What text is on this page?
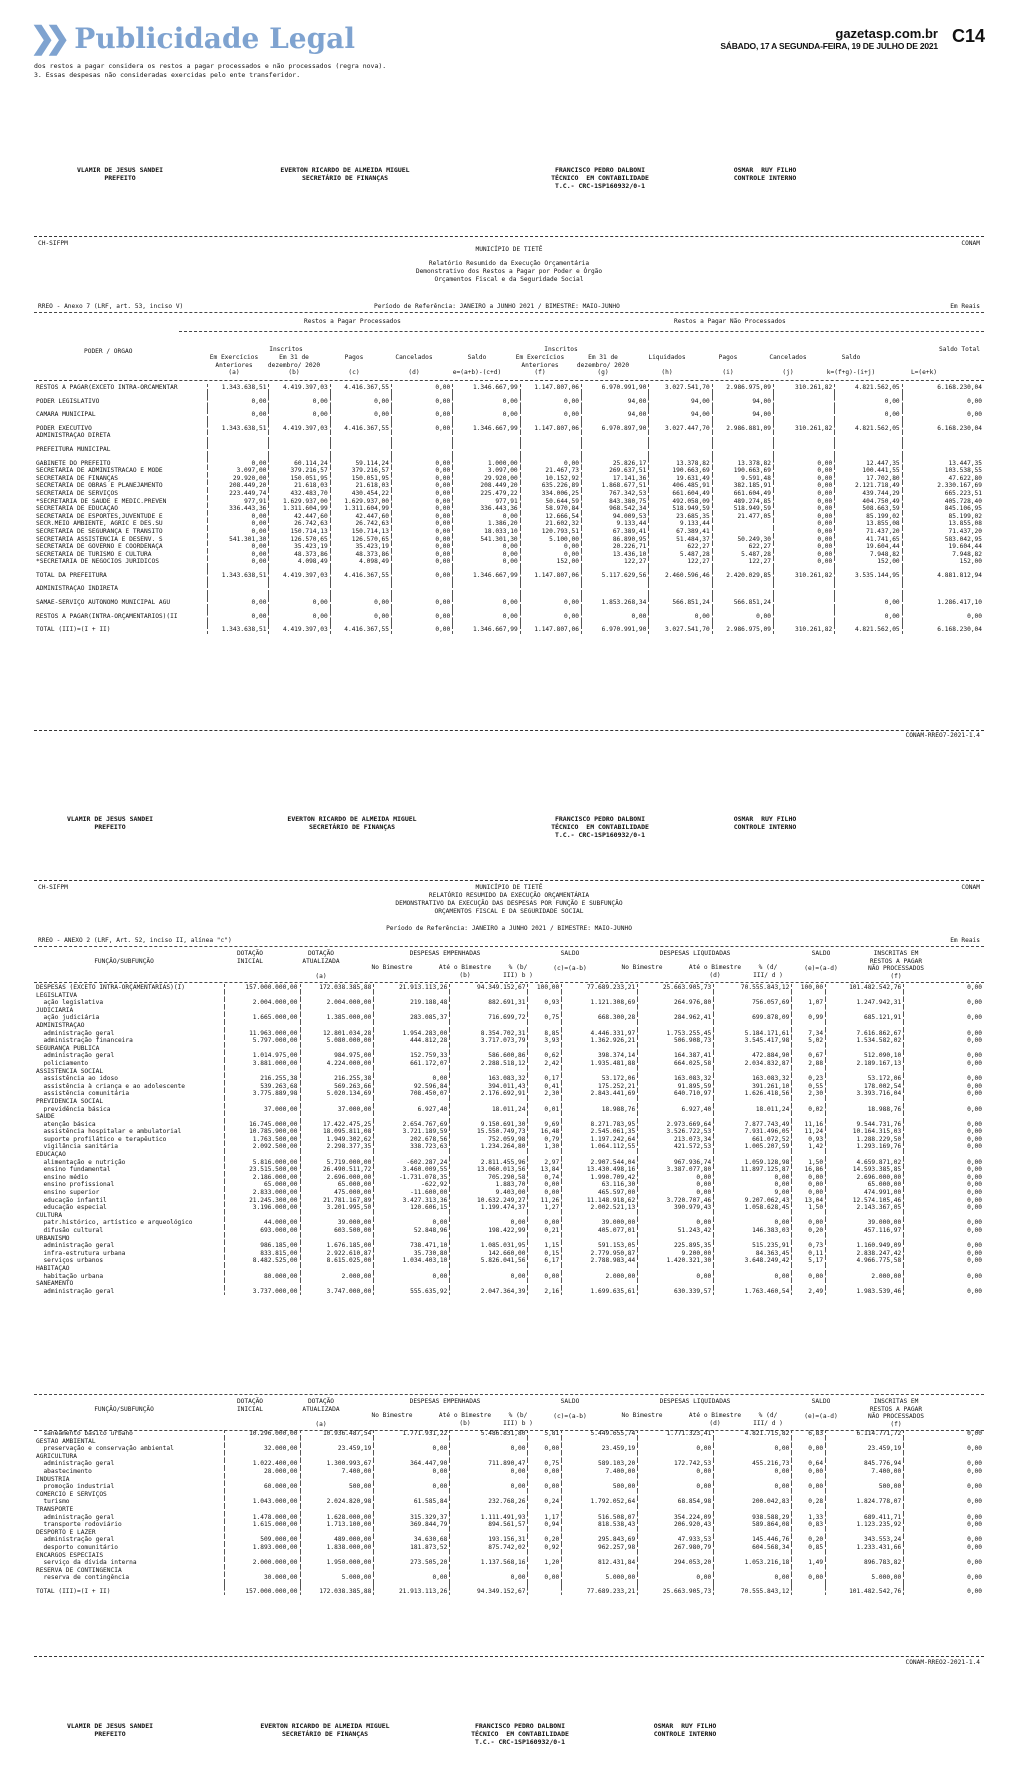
❯❯ Publicidade Legal	gazetasp.com.br
SÁBADO, 17 A SEGUNDA-FEIRA, 19 DE JULHO DE 2021 C14
dos restos a pagar considera os restos a pagar processados e não processados (regra nova).
3. Essas despesas não consideradas exercidas pelo ente transferidor.
VLAMIR DE JESUS SANDEI
PREFEITO
EVERTON RICARDO DE ALMEIDA MIGUEL
SECRETÁRIO DE FINANÇAS
FRANCISCO PEDRO DALBONI
TÉCNICO  EM CONTABILIDADE
T.C.- CRC-1SP160932/0-1
OSMAR  RUY FILHO
CONTROLE INTERNO
CH-SIFPM	CONAM
MUNICÍPIO DE TIETÊ
Relatório Resumido da Execução Orçamentária
Demonstrativo dos Restos a Pagar por Poder e Órgão
Orçamentos Fiscal e da Seguridade Social
RREO - Anexo 7 (LRF, art. 53, inciso V)	Período de Referência: JANEIRO a JUNHO 2021 / BIMESTRE: MAIO-JUNHO	Em Reais
Restos a Pagar Processados	Restos a Pagar Não Processados
PODER / ORGAO	Inscritos	Inscritos	Saldo Total
Em Exercícios
Anteriores
(a)
Em 31 de
dezembro/ 2020
(b)
Pagos

(c)
Cancelados

(d)
Saldo

e=(a+b)-(c+d)
Em Exercícios
Anteriores
(f)
Em 31 de
dezembro/ 2020
(g)
Liquidados

(h)
Pagos

(i)
Cancelados

(j)
Saldo

k=(f+g)-(i+j)	

L=(e+k)
RESTOS A PAGAR(EXCETO INTRA-ORCAMENTAR	1.343.638,51	4.419.397,03	4.416.367,55	0,00	1.346.667,99	1.147.807,06	6.970.991,90	3.027.541,70	2.986.975,09	310.261,82	4.821.562,05	6.168.230,04

PODER LEGISLATIVO	0,00	0,00	0,00	0,00	0,00	0,00	94,00	94,00	94,00		0,00	0,00

CÂMARA MUNICIPAL	0,00	0,00	0,00	0,00	0,00	0,00	94,00	94,00	94,00		0,00	0,00

PODER EXECUTIVO	1.343.638,51	4.419.397,03	4.416.367,55	0,00	1.346.667,99	1.147.807,06	6.970.897,90	3.027.447,70	2.986.881,09	310.261,82	4.821.562,05	6.168.230,04
ADMINISTRAÇÃO DIRETA												

PREFEITURA MUNICIPAL												

GABINETE DO PREFEITO	0,00	60.114,24	59.114,24	0,00	1.000,00	0,00	25.826,17	13.378,82	13.378,82	0,00	12.447,35	13.447,35
SECRETARIA DE ADMINISTRACAO E MODE	3.097,00	379.216,57	379.216,57	0,00	3.097,00	21.467,73	269.637,51	190.663,69	190.663,69	0,00	100.441,55	103.538,55
SECRETARIA DE FINANÇAS	29.920,00	150.051,95	150.051,95	0,00	29.920,00	10.152,92	17.141,36	19.631,49	9.591,48	0,00	17.702,80	47.622,80
SECRETARIA DE OBRAS E PLANEJAMENTO	208.449,20	21.618,03	21.618,03	0,00	208.449,20	635.226,89	1.868.677,51	406.485,91	382.185,91	0,00	2.121.718,49	2.330.167,69
SECRETARIA DE SERVIÇOS	223.449,74	432.483,70	430.454,22	0,00	225.479,22	334.006,25	767.342,53	661.604,49	661.604,49	0,00	439.744,29	665.223,51
*SECRETARIA DE SAÚDE E MEDIC.PREVEN	977,91	1.629.937,00	1.629.937,00	0,00	977,91	50.644,59	843.380,75	492.058,09	489.274,85	0,00	404.750,49	405.728,40
SECRETARIA DE EDUCAÇÃO	336.443,36	1.311.604,99	1.311.604,99	0,00	336.443,36	58.970,84	968.542,34	518.949,59	518.949,59	0,00	508.663,59	845.106,95
SECRETARIA DE ESPORTES,JUVENTUDE E	0,00	42.447,60	42.447,60	0,00	0,00	12.666,54	94.009,53	23.685,35	21.477,05	0,00	85.199,02	85.199,02
SECR.MEIO AMBIENTE, AGRIC E DES.SU	0,00	26.742,63	26.742,63	0,00	1.386,20	21.602,32	9.133,44	9.133,44		0,00	13.855,08	13.855,08
SECRETARIA DE SEGURANÇA E TRÂNSITO	0,00	150.714,13	150.714,13	0,00	18.033,10	120.793,51	67.389,41	67.389,41		0,00	71.437,20	71.437,20
SECRETARIA ASSISTÊNCIA E DESENV. S	541.301,30	126.570,65	126.570,65	0,00	541.301,30	5.100,00	86.890,95	51.484,37	50.249,30	0,00	41.741,65	583.042,95
SECRETARIA DE GOVERNO E COORDENAÇÃ	0,00	35.423,19	35.423,19	0,00	0,00	0,00	20.226,71	622,27	622,27	0,00	19.604,44	19.604,44
SECRETARIA DE TURISMO E CULTURA	0,00	48.373,86	48.373,86	0,00	0,00	0,00	13.436,10	5.487,28	5.487,28	0,00	7.948,82	7.948,82
*SECRETARIA DE NEGÓCIOS JURÍDICOS	0,00	4.098,49	4.098,49	0,00	0,00	152,00	122,27	122,27	122,27	0,00	152,00	152,00

TOTAL DA PREFEITURA	1.343.638,51	4.419.397,03	4.416.367,55	0,00	1.346.667,99	1.147.807,06	5.117.629,56	2.460.596,46	2.420.029,85	310.261,82	3.535.144,95	4.881.812,94

ADMINISTRAÇÃO INDIRETA												

SAMAE-SERVIÇO AUTÔNOMO MUNICIPAL ÁGU	0,00	0,00	0,00	0,00	0,00	0,00	1.853.268,34	566.851,24	566.851,24		0,00	1.286.417,10

RESTOS A PAGAR(INTRA-ORÇAMENTÁRIOS)(II	0,00	0,00	0,00	0,00	0,00	0,00	0,00	0,00	0,00		0,00	0,00

TOTAL (III)=(I + II)	1.343.638,51	4.419.397,03	4.416.367,55	0,00	1.346.667,99	1.147.807,06	6.970.991,90	3.027.541,70	2.986.975,09	310.261,82	4.821.562,05	6.168.230,04
CONAM-RREO7-2021-1.4
VLAMIR DE JESUS SANDEI
PREFEITO
EVERTON RICARDO DE ALMEIDA MIGUEL
SECRETÁRIO DE FINANÇAS
FRANCISCO PEDRO DALBONI
TÉCNICO  EM CONTABILIDADE
T.C.- CRC-1SP160932/0-1
OSMAR  RUY FILHO
CONTROLE INTERNO
CH-SIFPM	CONAM
MUNICÍPIO DE TIETÊ
RELATÓRIO RESUMIDO DA EXECUÇÃO ORÇAMENTÁRIA
DEMONSTRATIVO DA EXECUÇÃO DAS DESPESAS POR FUNÇÃO E SUBFUNÇÃO
ORÇAMENTOS FISCAL E DA SEGURIDADE SOCIAL
Período de Referência: JANEIRO a JUNHO 2021 / BIMESTRE: MAIO-JUNHO
RREO - ANEXO 2 (LRF, Art. 52, inciso II, alínea "c")	Em Reais
FUNÇÃO/SUBFUNÇÃO
DOTAÇÃO
INICIAL
DOTAÇÃO
ATUALIZADA

(a)
DESPESAS EMPENHADAS
No Bimestre	Até o Bimestre
(b)
% (b/
III) b )
SALDO

(c)=(a-b)
DESPESAS LIQUIDADAS
No Bimestre	Até o Bimestre
(d)
% (d/
III/ d )
SALDO

(e)=(a-d)
INSCRITAS EM
RESTOS A PAGAR
NÃO PROCESSADOS
(f)
DESPESAS (EXCETO INTRA-ORÇAMENTÁRIAS)(I)	157.000.000,00	172.038.385,88	21.913.113,26	94.349.152,67	100,00	77.689.233,21	25.663.905,73	70.555.843,12	100,00	101.482.542,76	0,00
LEGISLATIVA											
ação legislativa	2.004.000,00	2.004.000,00	219.188,48	882.691,31	0,93	1.121.308,69	264.976,80	756.057,69	1,07	1.247.942,31	0,00
JUDICIÁRIA											
ação judiciária	1.665.000,00	1.385.000,00	283.085,37	716.699,72	0,75	668.300,28	284.962,41	699.878,09	0,99	685.121,91	0,00
ADMINISTRAÇÃO											
administração geral	11.963.000,00	12.801.034,28	1.954.283,00	8.354.702,31	8,85	4.446.331,97	1.753.255,45	5.184.171,61	7,34	7.616.862,67	0,00
administração financeira	5.797.000,00	5.080.000,00	444.812,28	3.717.073,79	3,93	1.362.926,21	506.908,73	3.545.417,98	5,02	1.534.582,02	0,00
SEGURANÇA PÚBLICA											
administração geral	1.014.975,00	984.975,00	152.759,33	586.600,86	0,62	398.374,14	164.387,41	472.884,90	0,67	512.090,10	0,00
policiamento	3.881.000,00	4.224.000,00	661.172,07	2.288.518,12	2,42	1.935.481,88	664.025,58	2.034.832,87	2,88	2.189.167,13	0,00
ASSISTÊNCIA SOCIAL											
assistência ao idoso	216.255,38	216.255,38	0,00	163.083,32	0,17	53.172,06	163.083,32	163.083,32	0,23	53.172,06	0,00
assistência à criança e ao adolescente	539.263,68	569.263,66	92.596,84	394.011,43	0,41	175.252,21	91.895,59	391.261,10	0,55	178.002,54	0,00
assistência comunitária	3.775.889,98	5.020.134,69	708.450,07	2.176.692,91	2,30	2.843.441,69	640.710,97	1.626.418,56	2,30	3.393.716,04	0,00
PREVIDÊNCIA SOCIAL											
previdência básica	37.000,00	37.000,00	6.927,40	18.011,24	0,01	18.988,76	6.927,40	18.011,24	0,02	18.988,76	0,00
SAÚDE											
atenção básica	16.745.000,00	17.422.475,25	2.654.767,69	9.150.691,30	9,69	8.271.783,95	2.973.669,64	7.877.743,49	11,16	9.544.731,76	0,00
assistência hospitalar e ambulatorial	10.785.900,00	18.095.811,08	3.721.189,59	15.550.749,73	16,48	2.545.061,35	3.526.722,53	7.931.496,05	11,24	10.164.315,03	0,00
suporte profilático e terapêutico	1.763.500,00	1.949.302,62	202.678,56	752.059,98	0,79	1.197.242,64	213.073,34	661.072,52	0,93	1.288.229,50	0,00
vigilância sanitária	2.092.500,00	2.298.377,35	338.723,63	1.234.264,80	1,30	1.064.112,55	421.572,53	1.005.207,59	1,42	1.293.169,76	0,00
EDUCAÇÃO											
alimentação e nutrição	5.816.000,00	5.719.000,00	-602.287,24	2.811.455,96	2,97	2.907.544,04	967.936,74	1.059.128,98	1,50	4.659.871,02	0,00
ensino fundamental	23.515.500,00	26.490.511,72	3.460.009,55	13.060.013,56	13,84	13.430.498,16	3.387.077,80	11.897.125,87	16,86	14.593.385,85	0,00
ensino médio	2.186.000,00	2.696.000,00	-1.731.078,35	705.290,58	0,74	1.990.709,42	0,00	0,00	0,00	2.696.000,00	0,00
ensino profissional	65.000,00	65.000,00	-622,92	1.883,70	0,00	63.116,30	0,00	0,00	0,00	65.000,00	0,00
ensino superior	2.833.000,00	475.000,00	-11.600,00	9.403,00	0,00	465.597,00	0,00	9,00	0,00	474.991,00	0,00
educação infantil	21.245.300,00	21.781.167,89	3.427.313,36	10.632.249,27	11,26	11.148.918,62	3.720.707,46	9.207.062,43	13,04	12.574.105,46	0,00
educação especial	3.196.000,00	3.201.995,50	120.606,15	1.199.474,37	1,27	2.002.521,13	390.979,43	1.058.628,45	1,50	2.143.367,05	0,00
CULTURA											
patr.histórico, artístico e arqueológico	44.000,00	39.000,00	0,00	0,00	0,00	39.000,00	0,00	0,00	0,00	39.000,00	0,00
difusão cultural	693.000,00	603.500,00	52.848,96	198.422,99	0,21	405.077,01	51.243,42	146.383,03	0,20	457.116,97	0,00
URBANISMO											
administração geral	986.185,00	1.676.185,00	738.471,10	1.085.031,95	1,15	591.153,05	225.895,35	515.235,91	0,73	1.160.949,09	0,00
infra-estrutura urbana	833.815,00	2.922.610,87	35.730,80	142.660,00	0,15	2.779.950,87	9.200,00	84.363,45	0,11	2.838.247,42	0,00
serviços urbanos	8.482.525,00	8.615.025,00	1.034.403,10	5.826.041,56	6,17	2.788.983,44	1.420.321,30	3.648.249,42	5,17	4.966.775,58	0,00
HABITAÇÃO											
habitação urbana	80.000,00	2.000,00	0,00	0,00	0,00	2.000,00	0,00	0,00	0,00	2.000,00	0,00
SANEAMENTO											
administração geral	3.737.000,00	3.747.000,00	555.635,92	2.047.364,39	2,16	1.699.635,61	630.339,57	1.763.460,54	2,49	1.983.539,46	0,00
FUNÇÃO/SUBFUNÇÃO
DOTAÇÃO
INICIAL
DOTAÇÃO
ATUALIZADA

(a)
DESPESAS EMPENHADAS
No Bimestre	Até o Bimestre
(b)
% (b/
III) b )
SALDO

(c)=(a-b)
DESPESAS LIQUIDADAS
No Bimestre	Até o Bimestre
(d)
% (d/
III/ d )
SALDO

(e)=(a-d)
INSCRITAS EM
RESTOS A PAGAR
NÃO PROCESSADOS
(f)
saneamento básico urbano	10.296.000,00	10.936.487,54	1.771.931,22	5.486.831,80	5,81	5.449.655,74	1.771.323,41	4.821.715,82	6,83	6.114.771,72	0,00
GESTÃO AMBIENTAL											
preservação e conservação ambiental	32.000,00	23.459,19	0,00	0,00	0,00	23.459,19	0,00	0,00	0,00	23.459,19	0,00
AGRICULTURA											
administração geral	1.022.400,00	1.300.993,67	364.447,90	711.890,47	0,75	589.103,20	172.742,53	455.216,73	0,64	845.776,94	0,00
abastecimento	28.000,00	7.400,00	0,00	0,00	0,00	7.400,00	0,00	0,00	0,00	7.400,00	0,00
INDÚSTRIA											
promoção industrial	60.000,00	500,00	0,00	0,00	0,00	500,00	0,00	0,00	0,00	500,00	0,00
COMÉRCIO E SERVIÇOS											
turismo	1.043.000,00	2.024.820,98	61.585,84	232.768,26	0,24	1.792.052,64	68.854,98	200.042,83	0,28	1.824.778,07	0,00
TRANSPORTE											
administração geral	1.478.000,00	1.628.000,00	315.329,37	1.111.491,93	1,17	516.508,07	354.224,09	938.588,29	1,33	689.411,71	0,00
transporte rodoviário	1.615.000,00	1.713.100,00	369.844,79	894.561,57	0,94	818.538,43	206.920,43	589.864,08	0,83	1.123.235,92	0,00
DESPORTO E LAZER											
administração geral	509.000,00	489.000,00	34.630,68	193.156,31	0,20	295.843,69	47.933,53	145.446,76	0,20	343.553,24	0,00
desporto comunitário	1.893.000,00	1.838.000,00	181.873,52	875.742,02	0,92	962.257,98	267.980,79	604.568,34	0,85	1.233.431,66	0,00
ENCARGOS ESPECIAIS											
serviço da dívida interna	2.000.000,00	1.950.000,00	273.505,20	1.137.568,16	1,20	812.431,84	294.053,20	1.053.216,18	1,49	896.783,82	0,00
RESERVA DE CONTINGÊNCIA											
reserva de contingência	30.000,00	5.000,00	0,00	0,00	0,00	5.000,00	0,00	0,00	0,00	5.000,00	0,00

TOTAL (III)=(I + II)	157.000.000,00	172.038.385,88	21.913.113,26	94.349.152,67		77.689.233,21	25.663.905,73	70.555.843,12		101.482.542,76	0,00
CONAM-RREO2-2021-1.4
VLAMIR DE JESUS SANDEI
PREFEITO
EVERTON RICARDO DE ALMEIDA MIGUEL
SECRETÁRIO DE FINANÇAS
FRANCISCO PEDRO DALBONI
TÉCNICO  EM CONTABILIDADE
T.C.- CRC-1SP160932/0-1
OSMAR  RUY FILHO
CONTROLE INTERNO
